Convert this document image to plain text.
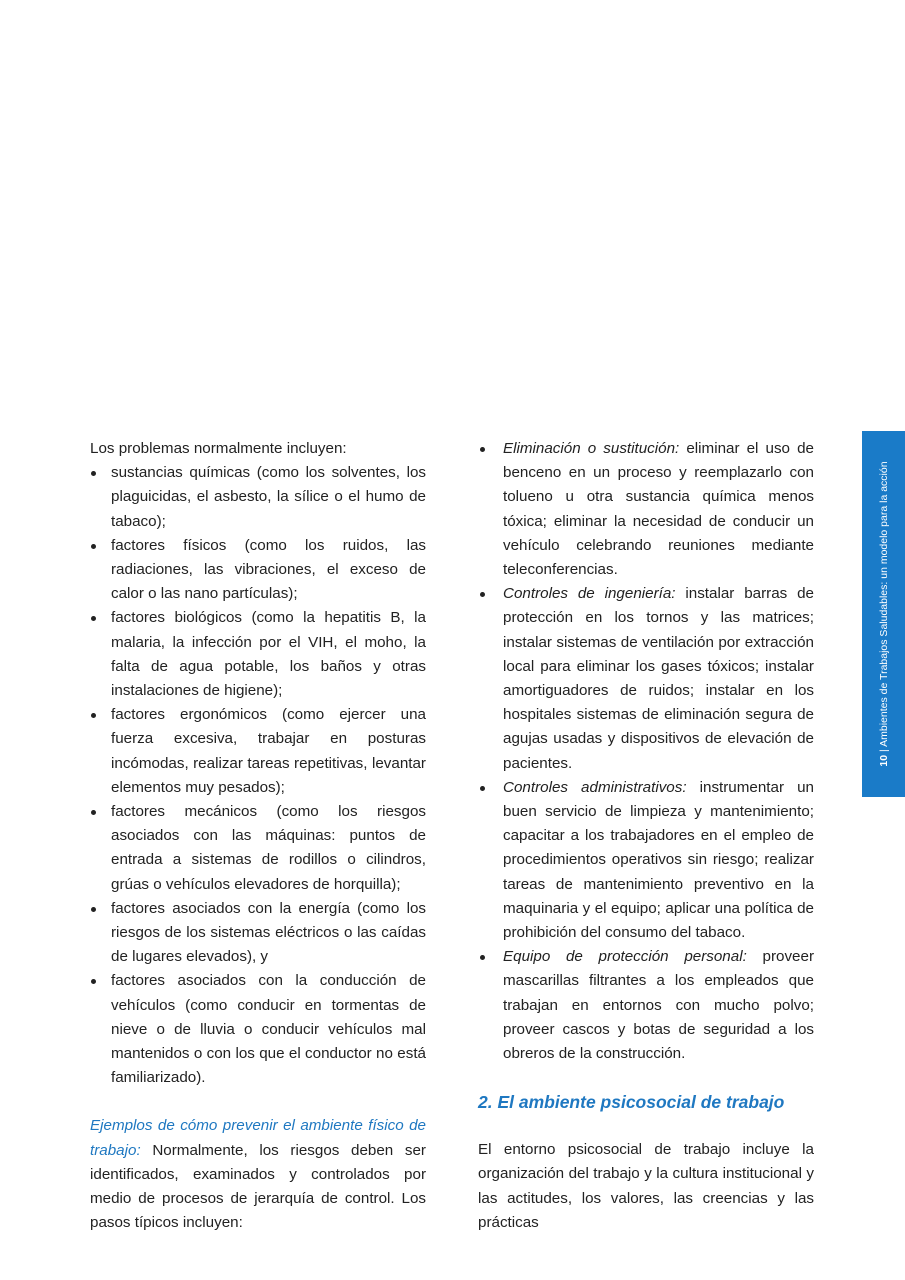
Los problemas normalmente incluyen:

sustancias químicas (como los solventes, los plaguicidas, el asbesto, la sílice o el humo de tabaco);
factores físicos (como los ruidos, las radiaciones, las vibraciones, el exceso de calor o las nano partículas);
factores biológicos (como la hepatitis B, la malaria, la infección por el VIH, el moho, la falta de agua potable, los baños y otras instalaciones de higiene);
factores ergonómicos (como ejercer una fuerza excesiva, trabajar en posturas incómodas, realizar tareas repetitivas, levantar elementos muy pesados);
factores mecánicos (como los riesgos asociados con las máquinas: puntos de entrada a sistemas de rodillos o cilindros, grúas o vehículos elevadores de horquilla);
factores asociados con la energía (como los riesgos de los sistemas eléctricos o las caídas de lugares elevados), y
factores asociados con la conducción de vehículos (como conducir en tormentas de nieve o de lluvia o conducir vehículos mal mantenidos o con los que el conductor no está familiarizado).

Ejemplos de cómo prevenir el ambiente físico de trabajo: Normalmente, los riesgos deben ser identificados, examinados y controlados por medio de procesos de jerarquía de control. Los pasos típicos incluyen:

Eliminación o sustitución: eliminar el uso de benceno en un proceso y reemplazarlo con tolueno u otra sustancia química menos tóxica; eliminar la necesidad de conducir un vehículo celebrando reuniones mediante teleconferencias.
Controles de ingeniería: instalar barras de protección en los tornos y las matrices; instalar sistemas de ventilación por extracción local para eliminar los gases tóxicos; instalar amortiguadores de ruidos; instalar en los hospitales sistemas de eliminación segura de agujas usadas y dispositivos de elevación de pacientes.
Controles administrativos: instrumentar un buen servicio de limpieza y mantenimiento; capacitar a los trabajadores en el empleo de procedimientos operativos sin riesgo; realizar tareas de mantenimiento preventivo en la maquinaria y el equipo; aplicar una política de prohibición del consumo del tabaco.
Equipo de protección personal: proveer mascarillas filtrantes a los empleados que trabajan en entornos con mucho polvo; proveer cascos y botas de seguridad a los obreros de la construcción.
2. El ambiente psicosocial de trabajo

El entorno psicosocial de trabajo incluye la organización del trabajo y la cultura institucional y las actitudes, los valores, las creencias y las prácticas

10 | Ambientes de Trabajos Saludables: un modelo para la acción
